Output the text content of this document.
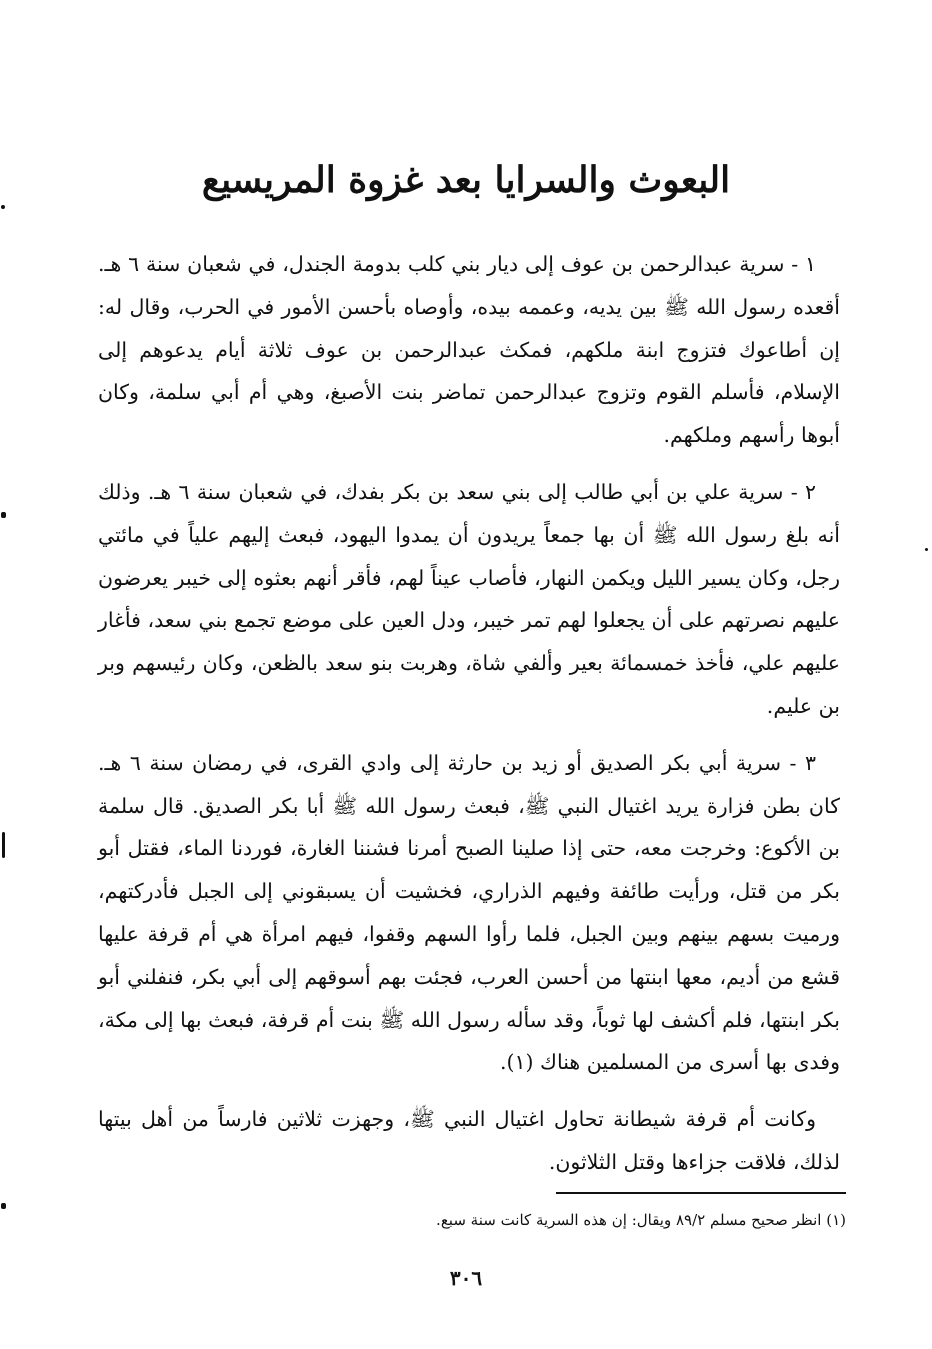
البعوث والسرايا بعد غزوة المريسيع

١ - سرية عبدالرحمن بن عوف إلى ديار بني كلب بدومة الجندل، في شعبان سنة ٦ هـ. أقعده رسول الله ﷺ بين يديه، وعممه بيده، وأوصاه بأحسن الأمور في الحرب، وقال له: إن أطاعوك فتزوج ابنة ملكهم، فمكث عبدالرحمن بن عوف ثلاثة أيام يدعوهم إلى الإسلام، فأسلم القوم وتزوج عبدالرحمن تماضر بنت الأصبغ، وهي أم أبي سلمة، وكان أبوها رأسهم وملكهم.

٢ - سرية علي بن أبي طالب إلى بني سعد بن بكر بفدك، في شعبان سنة ٦ هـ. وذلك أنه بلغ رسول الله ﷺ أن بها جمعاً يريدون أن يمدوا اليهود، فبعث إليهم علياً في مائتي رجل، وكان يسير الليل ويكمن النهار، فأصاب عيناً لهم، فأقر أنهم بعثوه إلى خيبر يعرضون عليهم نصرتهم على أن يجعلوا لهم تمر خيبر، ودل العين على موضع تجمع بني سعد، فأغار عليهم علي، فأخذ خمسمائة بعير وألفي شاة، وهربت بنو سعد بالظعن، وكان رئيسهم وبر بن عليم.

٣ - سرية أبي بكر الصديق أو زيد بن حارثة إلى وادي القرى، في رمضان سنة ٦ هـ. كان بطن فزارة يريد اغتيال النبي ﷺ، فبعث رسول الله ﷺ أبا بكر الصديق. قال سلمة بن الأكوع: وخرجت معه، حتى إذا صلينا الصبح أمرنا فشننا الغارة، فوردنا الماء، فقتل أبو بكر من قتل، ورأيت طائفة وفيهم الذراري، فخشيت أن يسبقوني إلى الجبل فأدركتهم، ورميت بسهم بينهم وبين الجبل، فلما رأوا السهم وقفوا، فيهم امرأة هي أم قرفة عليها قشع من أديم، معها ابنتها من أحسن العرب، فجئت بهم أسوقهم إلى أبي بكر، فنفلني أبو بكر ابنتها، فلم أكشف لها ثوباً، وقد سأله رسول الله ﷺ بنت أم قرفة، فبعث بها إلى مكة، وفدى بها أسرى من المسلمين هناك (١).

وكانت أم قرفة شيطانة تحاول اغتيال النبي ﷺ، وجهزت ثلاثين فارساً من أهل بيتها لذلك، فلاقت جزاءها وقتل الثلاثون.

(١) انظر صحيح مسلم ٨٩/٢ ويقال: إن هذه السرية كانت سنة سبع.
٣٠٦
